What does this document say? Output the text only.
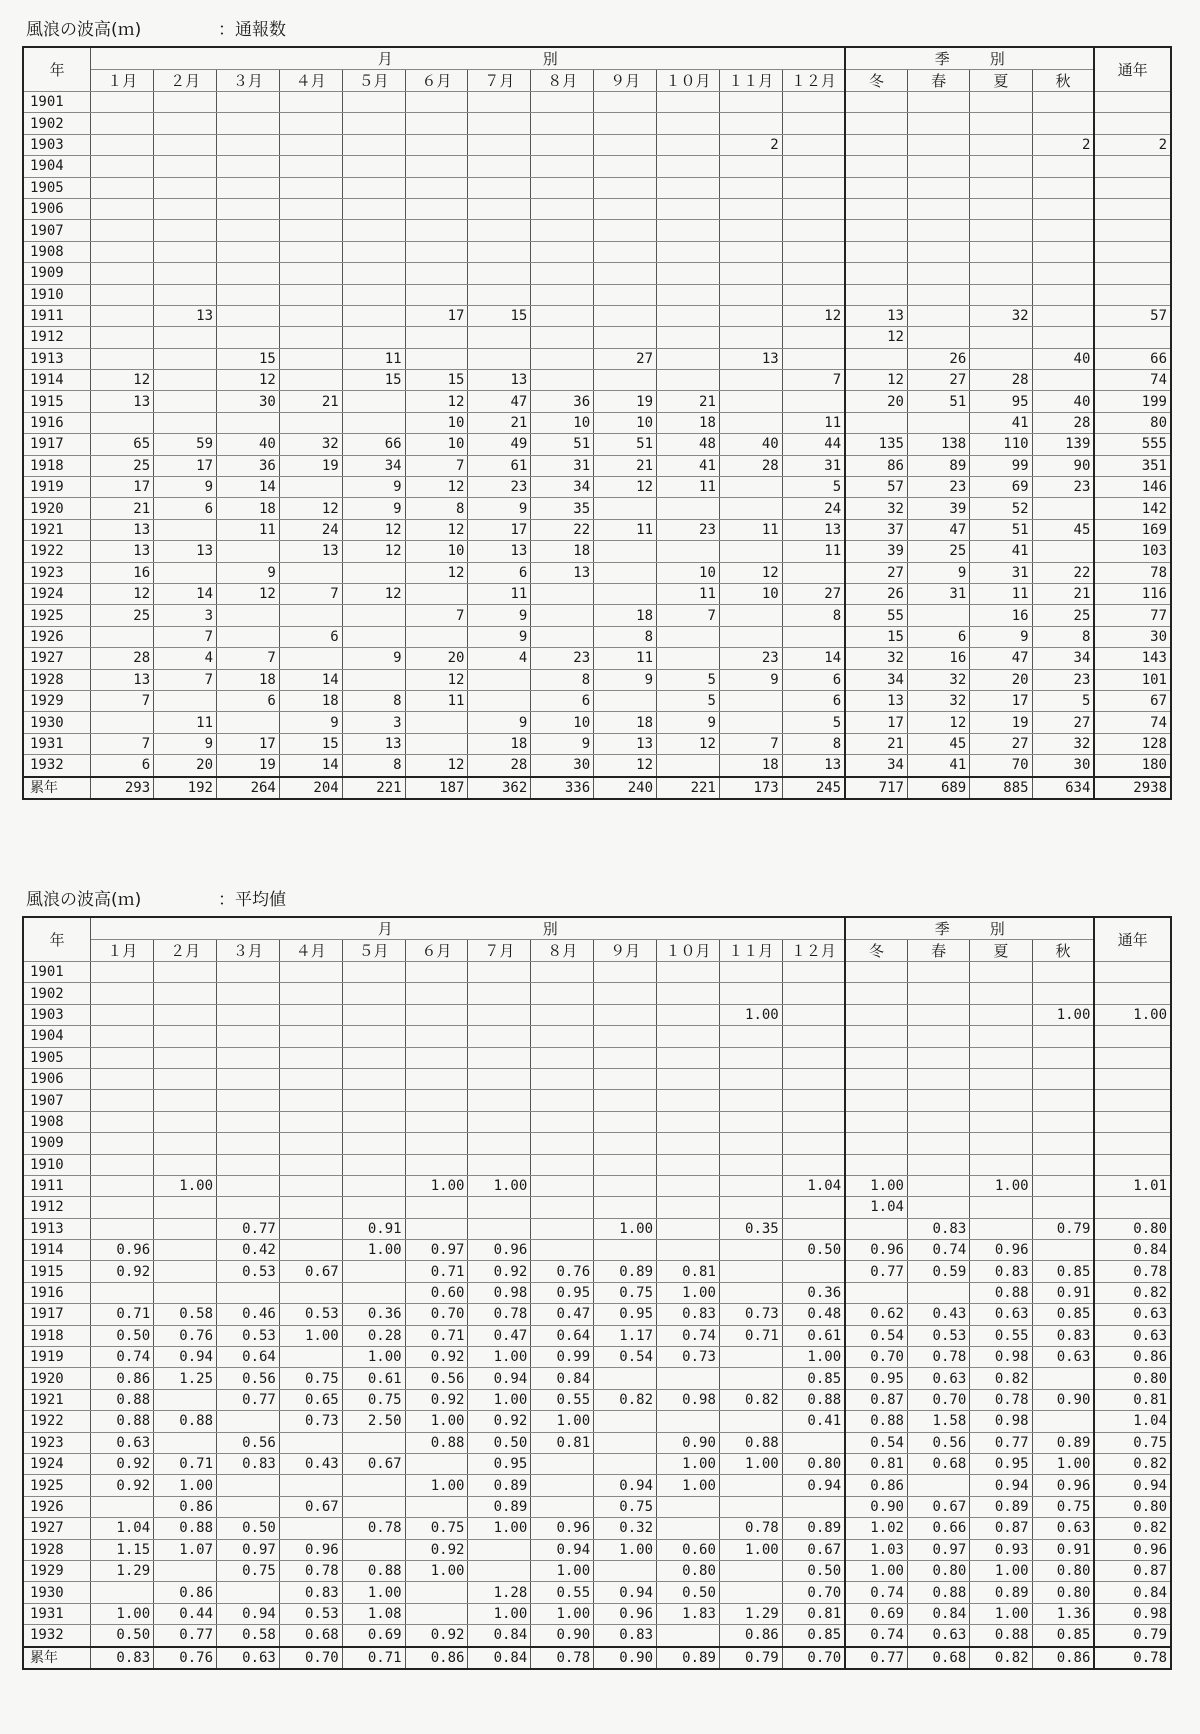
風浪の波高(ｍ)	：通報数
年	月 別												季 別				通年
	１月	２月	３月	４月	５月	６月	７月	８月	９月	１０月	１１月	１２月	冬	春	夏	秋	
1901																	
1902																	
1903											2					2	2
1904																	
1905																	
1906																	
1907																	
1908																	
1909																	
1910																	
1911		13				17	15					12	13		32		57
1912													12				
1913			15		11				27		13			26		40	66
1914	12		12		15	15	13					7	12	27	28		74
1915	13		30	21		12	47	36	19	21			20	51	95	40	199
1916						10	21	10	10	18		11			41	28	80
1917	65	59	40	32	66	10	49	51	51	48	40	44	135	138	110	139	555
1918	25	17	36	19	34	7	61	31	21	41	28	31	86	89	99	90	351
1919	17	9	14		9	12	23	34	12	11		5	57	23	69	23	146
1920	21	6	18	12	9	8	9	35				24	32	39	52		142
1921	13		11	24	12	12	17	22	11	23	11	13	37	47	51	45	169
1922	13	13		13	12	10	13	18				11	39	25	41		103
1923	16		9			12	6	13		10	12		27	9	31	22	78
1924	12	14	12	7	12		11			11	10	27	26	31	11	21	116
1925	25	3				7	9		18	7		8	55		16	25	77
1926		7		6			9		8				15	6	9	8	30
1927	28	4	7		9	20	4	23	11		23	14	32	16	47	34	143
1928	13	7	18	14		12		8	9	5	9	6	34	32	20	23	101
1929	7		6	18	8	11		6		5		6	13	32	17	5	67
1930		11		9	3		9	10	18	9		5	17	12	19	27	74
1931	7	9	17	15	13		18	9	13	12	7	8	21	45	27	32	128
1932	6	20	19	14	8	12	28	30	12		18	13	34	41	70	30	180
累年	293	192	264	204	221	187	362	336	240	221	173	245	717	689	885	634	2938
風浪の波高(ｍ)	：平均値
年	月 別												季 別				通年
	１月	２月	３月	４月	５月	６月	７月	８月	９月	１０月	１１月	１２月	冬	春	夏	秋	
1901																	
1902																	
1903											1.00					1.00	1.00
1904																	
1905																	
1906																	
1907																	
1908																	
1909																	
1910																	
1911		1.00				1.00	1.00					1.04	1.00		1.00		1.01
1912													1.04				
1913			0.77		0.91				1.00		0.35			0.83		0.79	0.80
1914	0.96		0.42		1.00	0.97	0.96					0.50	0.96	0.74	0.96		0.84
1915	0.92		0.53	0.67		0.71	0.92	0.76	0.89	0.81			0.77	0.59	0.83	0.85	0.78
1916						0.60	0.98	0.95	0.75	1.00		0.36			0.88	0.91	0.82
1917	0.71	0.58	0.46	0.53	0.36	0.70	0.78	0.47	0.95	0.83	0.73	0.48	0.62	0.43	0.63	0.85	0.63
1918	0.50	0.76	0.53	1.00	0.28	0.71	0.47	0.64	1.17	0.74	0.71	0.61	0.54	0.53	0.55	0.83	0.63
1919	0.74	0.94	0.64		1.00	0.92	1.00	0.99	0.54	0.73		1.00	0.70	0.78	0.98	0.63	0.86
1920	0.86	1.25	0.56	0.75	0.61	0.56	0.94	0.84				0.85	0.95	0.63	0.82		0.80
1921	0.88		0.77	0.65	0.75	0.92	1.00	0.55	0.82	0.98	0.82	0.88	0.87	0.70	0.78	0.90	0.81
1922	0.88	0.88		0.73	2.50	1.00	0.92	1.00				0.41	0.88	1.58	0.98		1.04
1923	0.63		0.56			0.88	0.50	0.81		0.90	0.88		0.54	0.56	0.77	0.89	0.75
1924	0.92	0.71	0.83	0.43	0.67		0.95			1.00	1.00	0.80	0.81	0.68	0.95	1.00	0.82
1925	0.92	1.00				1.00	0.89		0.94	1.00		0.94	0.86		0.94	0.96	0.94
1926		0.86		0.67			0.89		0.75				0.90	0.67	0.89	0.75	0.80
1927	1.04	0.88	0.50		0.78	0.75	1.00	0.96	0.32		0.78	0.89	1.02	0.66	0.87	0.63	0.82
1928	1.15	1.07	0.97	0.96		0.92		0.94	1.00	0.60	1.00	0.67	1.03	0.97	0.93	0.91	0.96
1929	1.29		0.75	0.78	0.88	1.00		1.00		0.80		0.50	1.00	0.80	1.00	0.80	0.87
1930		0.86		0.83	1.00		1.28	0.55	0.94	0.50		0.70	0.74	0.88	0.89	0.80	0.84
1931	1.00	0.44	0.94	0.53	1.08		1.00	1.00	0.96	1.83	1.29	0.81	0.69	0.84	1.00	1.36	0.98
1932	0.50	0.77	0.58	0.68	0.69	0.92	0.84	0.90	0.83		0.86	0.85	0.74	0.63	0.88	0.85	0.79
累年	0.83	0.76	0.63	0.70	0.71	0.86	0.84	0.78	0.90	0.89	0.79	0.70	0.77	0.68	0.82	0.86	0.78
